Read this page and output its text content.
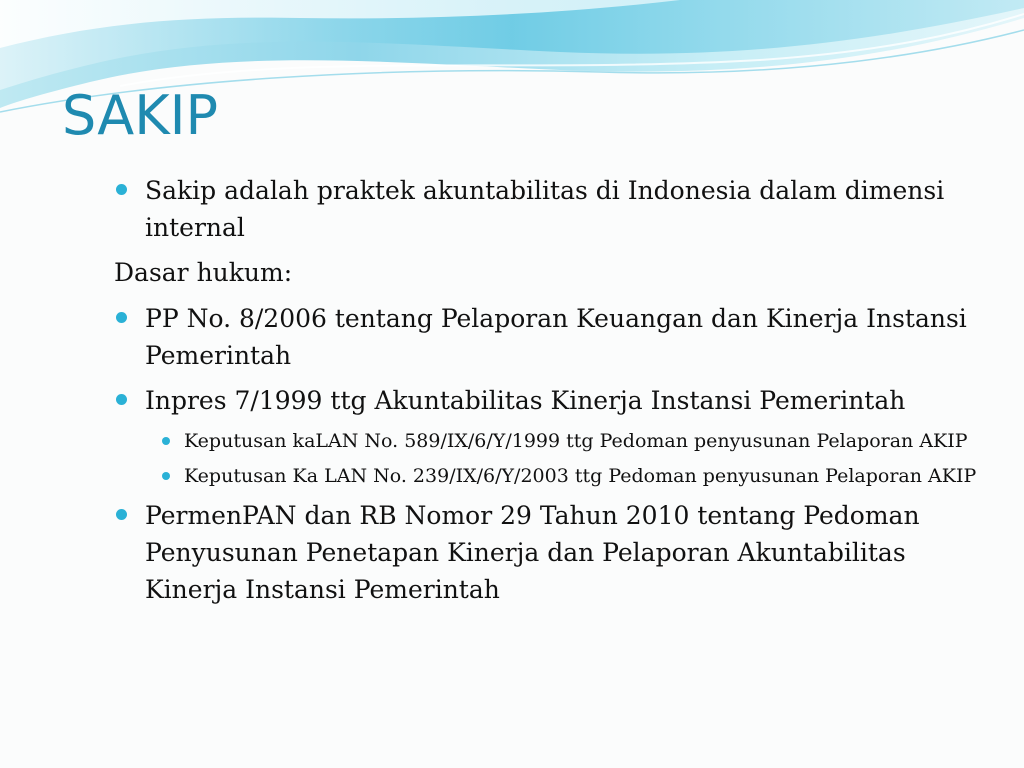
SAKIP
Sakip adalah praktek akuntabilitas di Indonesia dalam dimensi internal
Dasar hukum:
PP No. 8/2006 tentang Pelaporan Keuangan dan Kinerja Instansi Pemerintah
Inpres 7/1999 ttg Akuntabilitas Kinerja Instansi Pemerintah
Keputusan kaLAN No. 589/IX/6/Y/1999 ttg Pedoman penyusunan Pelaporan AKIP
Keputusan Ka LAN No. 239/IX/6/Y/2003 ttg Pedoman penyusunan Pelaporan AKIP
PermenPAN dan RB Nomor 29 Tahun 2010 tentang Pedoman Penyusunan Penetapan Kinerja dan Pelaporan Akuntabilitas Kinerja Instansi Pemerintah
